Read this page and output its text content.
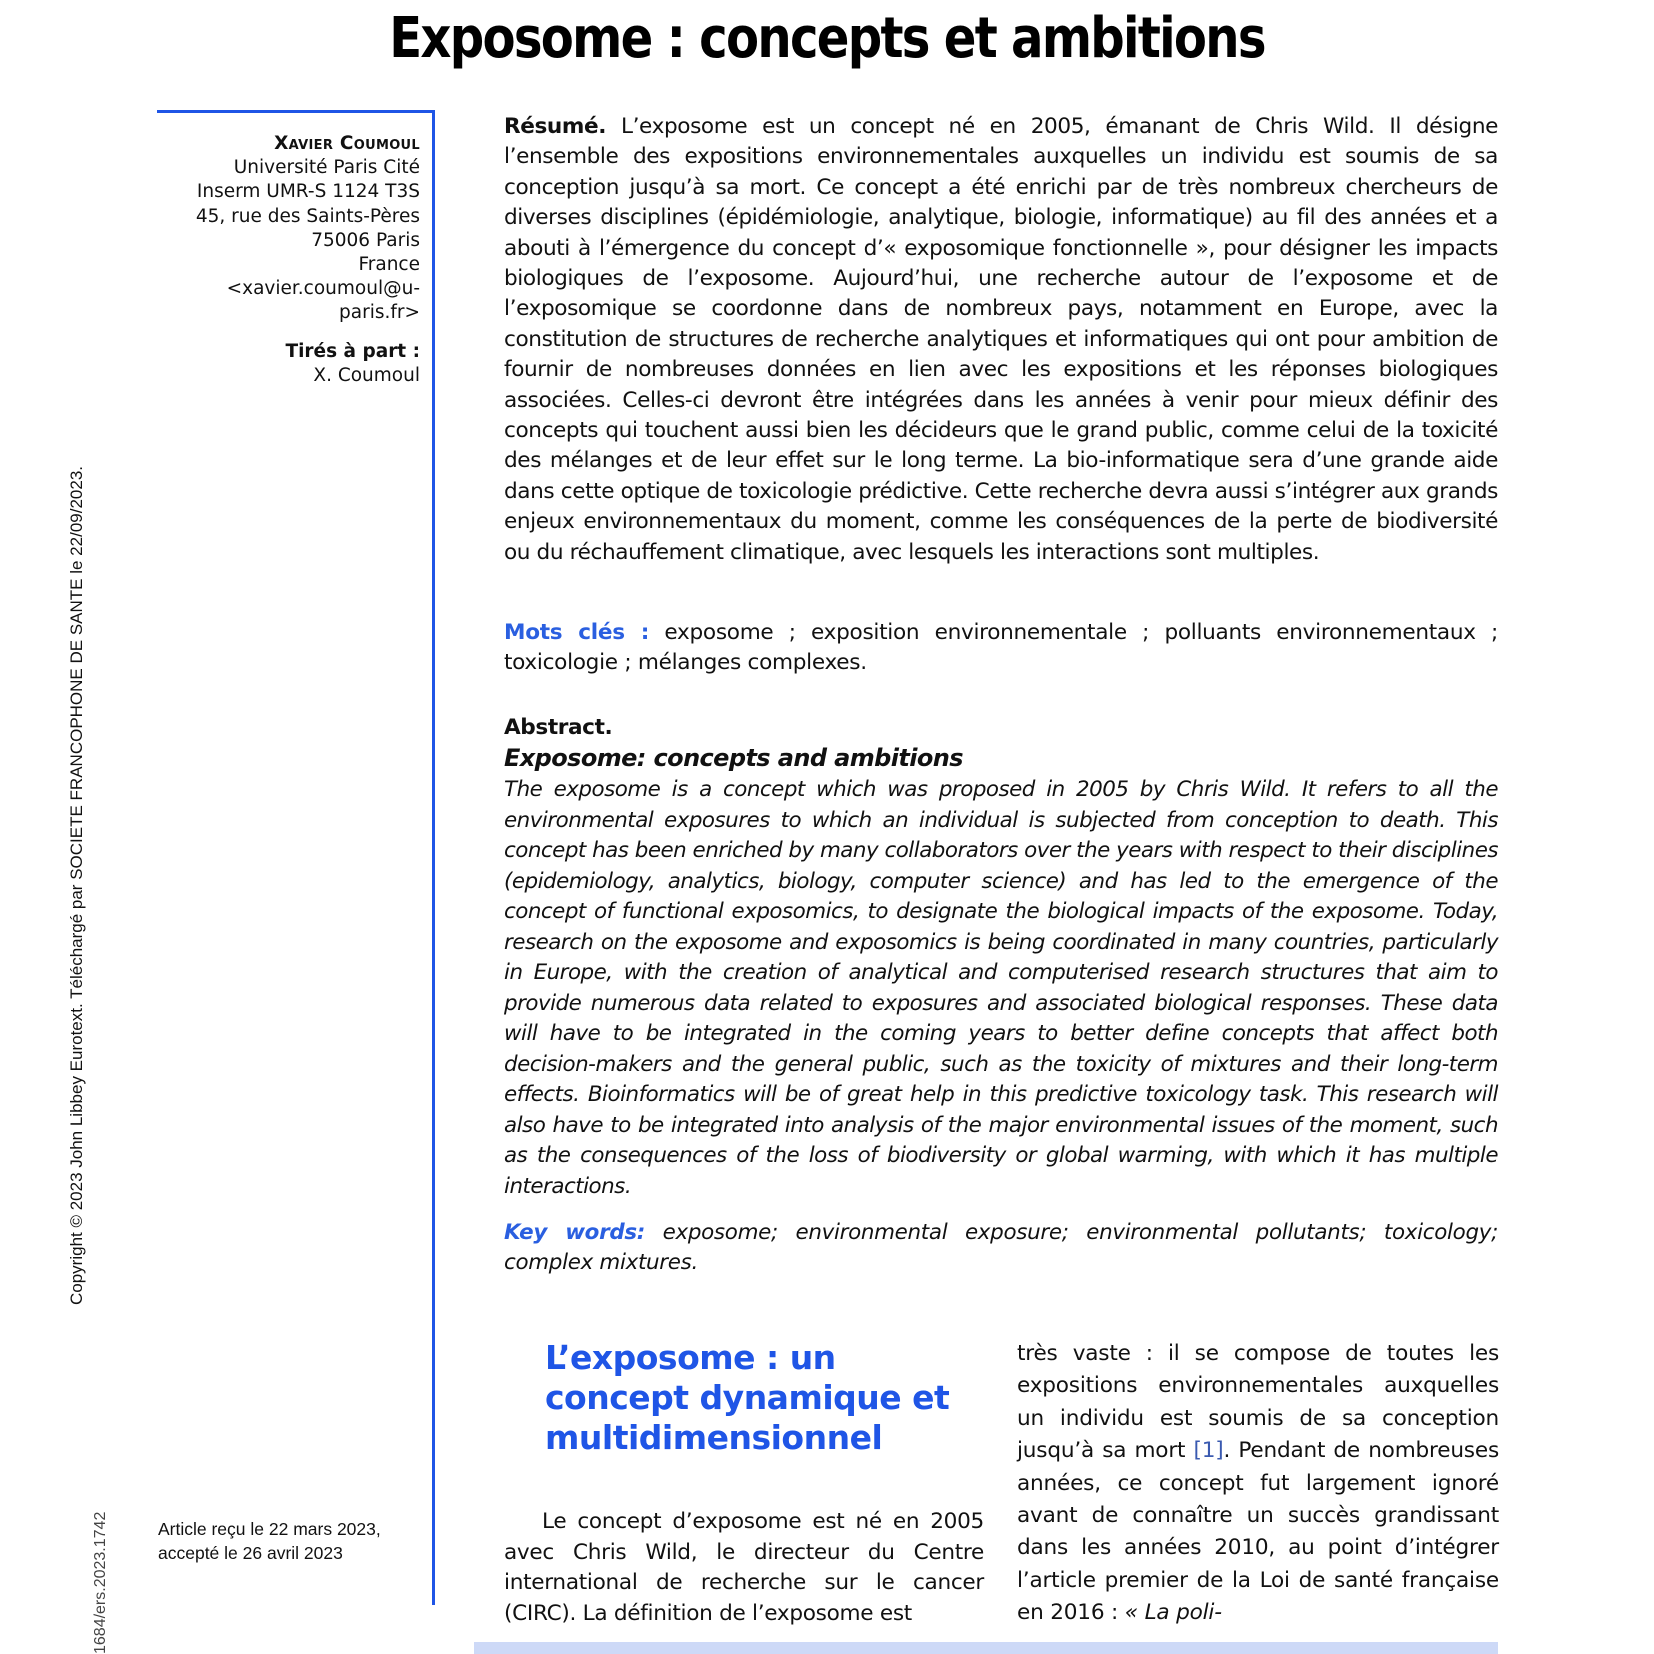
Exposome : concepts et ambitions
Xavier Coumoul
Université Paris Cité
Inserm UMR-S 1124 T3S
45, rue des Saints-Pères
75006 Paris
France
<xavier.coumoul@u-paris.fr>
Tirés à part :
X. Coumoul
Article reçu le 22 mars 2023,
accepté le 26 avril 2023
Copyright © 2023 John Libbey Eurotext. Téléchargé par SOCIETE FRANCOPHONE DE SANTE le 22/09/2023.
1684/ers.2023.1742
Résumé. L’exposome est un concept né en 2005, émanant de Chris Wild. Il désigne l’ensemble des expositions environnementales auxquelles un individu est soumis de sa conception jusqu’à sa mort. Ce concept a été enrichi par de très nombreux chercheurs de diverses disciplines (épidémiologie, analytique, biologie, informatique) au fil des années et a abouti à l’émergence du concept d’« exposomique fonctionnelle », pour désigner les impacts biologiques de l’exposome. Aujourd’hui, une recherche autour de l’exposome et de l’exposomique se coordonne dans de nombreux pays, notamment en Europe, avec la constitution de structures de recherche analytiques et informatiques qui ont pour ambition de fournir de nombreuses données en lien avec les expositions et les réponses biologiques associées. Celles-ci devront être intégrées dans les années à venir pour mieux définir des concepts qui touchent aussi bien les décideurs que le grand public, comme celui de la toxicité des mélanges et de leur effet sur le long terme. La bio-informatique sera d’une grande aide dans cette optique de toxicologie prédictive. Cette recherche devra aussi s’intégrer aux grands enjeux environnementaux du moment, comme les conséquences de la perte de biodiversité ou du réchauffement climatique, avec lesquels les interactions sont multiples.
Mots clés : exposome ; exposition environnementale ; polluants environnementaux ; toxicologie ; mélanges complexes.
Abstract.
Exposome: concepts and ambitions
The exposome is a concept which was proposed in 2005 by Chris Wild. It refers to all the environmental exposures to which an individual is subjected from conception to death. This concept has been enriched by many collaborators over the years with respect to their disciplines (epidemiology, analytics, biology, computer science) and has led to the emergence of the concept of functional exposomics, to designate the biological impacts of the exposome. Today, research on the exposome and exposomics is being coordinated in many countries, particularly in Europe, with the creation of analytical and computerised research structures that aim to provide numerous data related to exposures and associated biological responses. These data will have to be integrated in the coming years to better define concepts that affect both decision-makers and the general public, such as the toxicity of mixtures and their long-term effects. Bioinformatics will be of great help in this predictive toxicology task. This research will also have to be integrated into analysis of the major environmental issues of the moment, such as the consequences of the loss of biodiversity or global warming, with which it has multiple interactions.
Key words: exposome; environmental exposure; environmental pollutants; toxicology; complex mixtures.
L’exposome : un concept dynamique et multidimensionnel

Le concept d’exposome est né en 2005 avec Chris Wild, le directeur du Centre international de recherche sur le cancer (CIRC). La définition de l’exposome est

très vaste : il se compose de toutes les expositions environnementales auxquelles un individu est soumis de sa conception jusqu’à sa mort [1]. Pendant de nombreuses années, ce concept fut largement ignoré avant de connaître un succès grandissant dans les années 2010, au point d’intégrer l’article premier de la Loi de santé française en 2016 : « La poli-
